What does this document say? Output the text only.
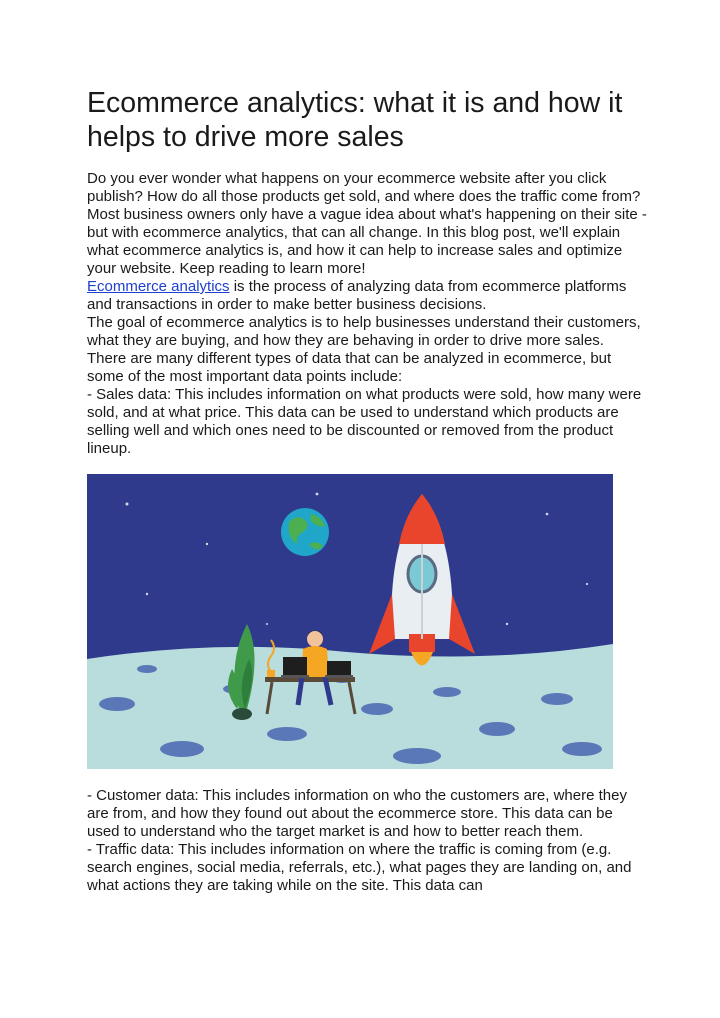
Ecommerce analytics: what it is and how it helps to drive more sales

Do you ever wonder what happens on your ecommerce website after you click publish? How do all those products get sold, and where does the traffic come from?

Most business owners only have a vague idea about what's happening on their site - but with ecommerce analytics, that can all change. In this blog post, we'll explain what ecommerce analytics is, and how it can help to increase sales and optimize your website. Keep reading to learn more!

Ecommerce analytics is the process of analyzing data from ecommerce platforms and transactions in order to make better business decisions.

The goal of ecommerce analytics is to help businesses understand their customers, what they are buying, and how they are behaving in order to drive more sales.

There are many different types of data that can be analyzed in ecommerce, but some of the most important data points include:

- Sales data: This includes information on what products were sold, how many were sold, and at what price. This data can be used to understand which products are selling well and which ones need to be discounted or removed from the product lineup.

- Customer data: This includes information on who the customers are, where they are from, and how they found out about the ecommerce store. This data can be used to understand who the target market is and how to better reach them.

- Traffic data: This includes information on where the traffic is coming from (e.g. search engines, social media, referrals, etc.), what pages they are landing on, and what actions they are taking while on the site. This data can
